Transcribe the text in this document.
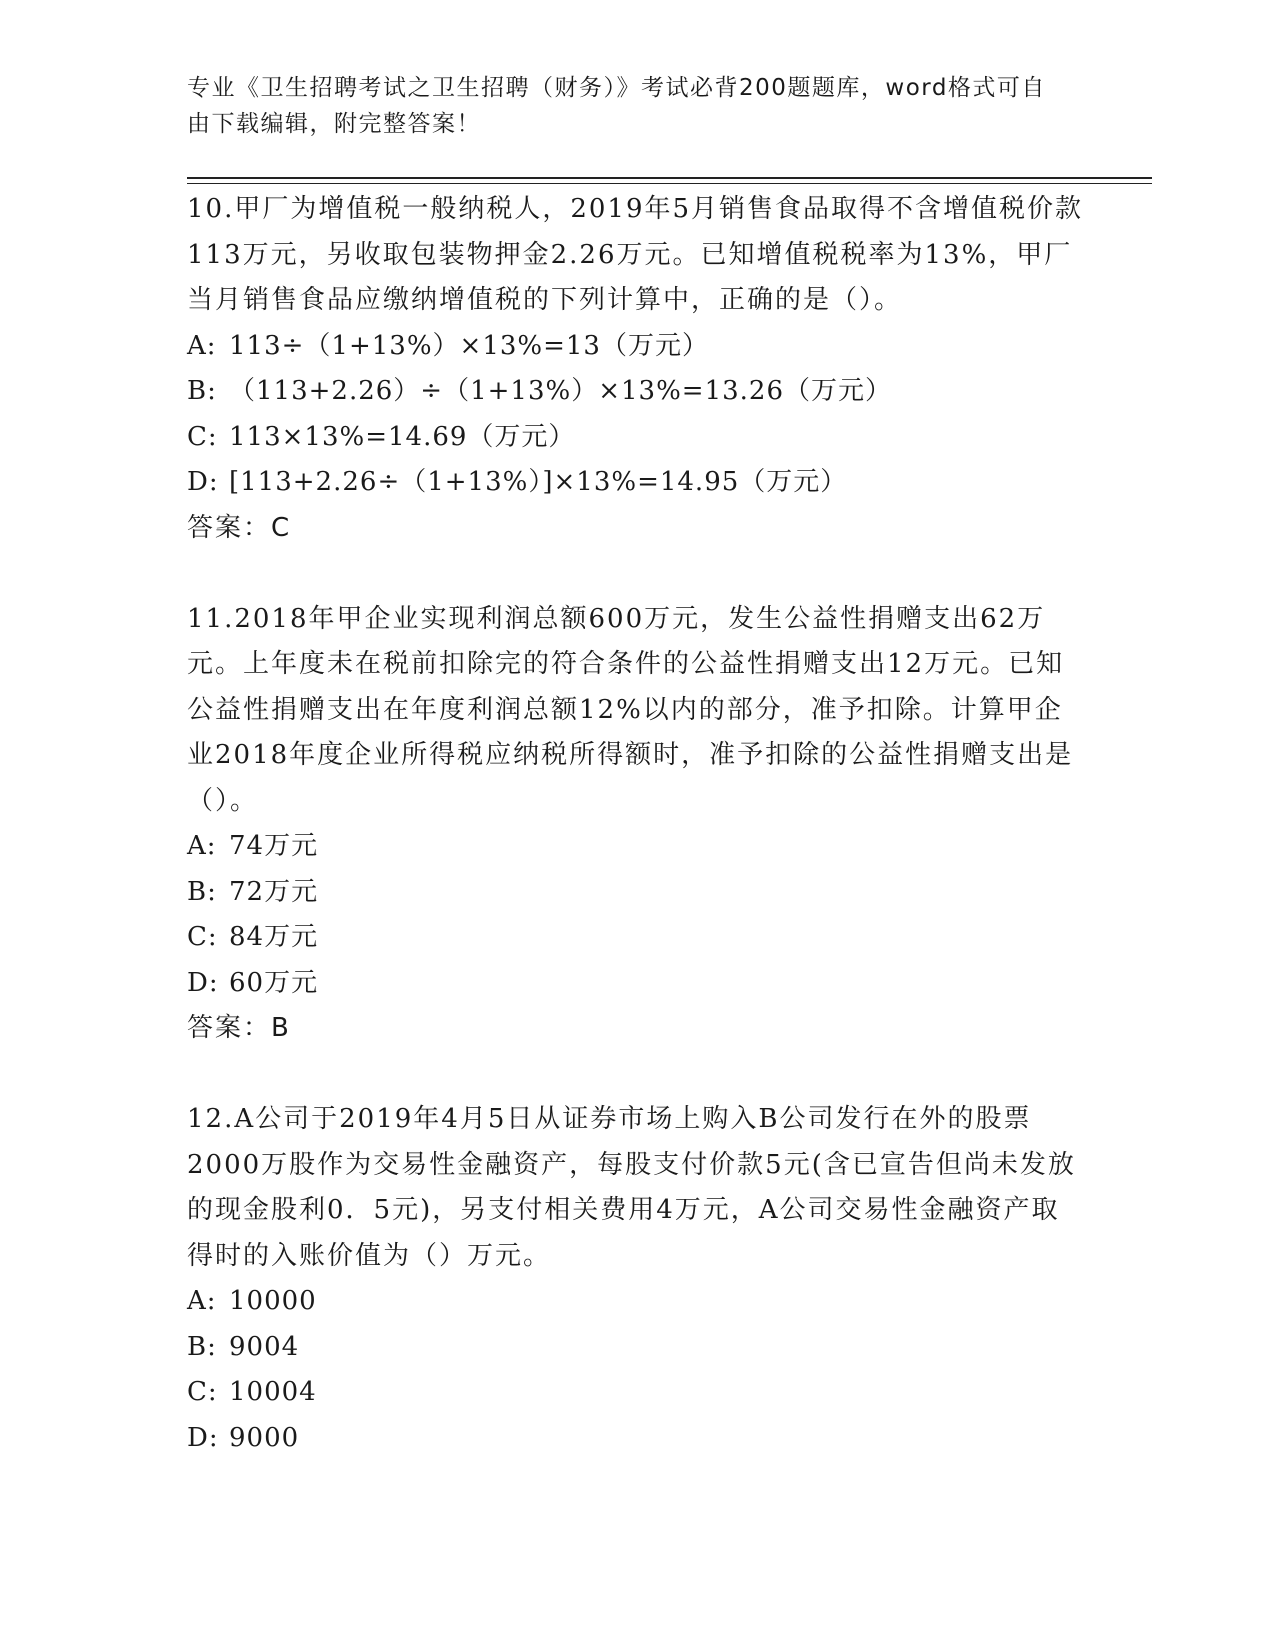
专业《卫生招聘考试之卫生招聘（财务）》考试必背200题题库，word格式可自
由下载编辑，附完整答案！
10.甲厂为增值税一般纳税人，2019年5月销售食品取得不含增值税价款113万元，另收取包装物押金2.26万元。已知增值税税率为13%，甲厂当月销售食品应缴纳增值税的下列计算中，正确的是（）。
A: 113÷（1+13%）×13%=13（万元）
B: （113+2.26）÷（1+13%）×13%=13.26（万元）
C: 113×13%=14.69（万元）
D: [113+2.26÷（1+13%）]×13%=14.95（万元）
答案：C
11.2018年甲企业实现利润总额600万元，发生公益性捐赠支出62万元。上年度未在税前扣除完的符合条件的公益性捐赠支出12万元。已知公益性捐赠支出在年度利润总额12%以内的部分，准予扣除。计算甲企业2018年度企业所得税应纳税所得额时，准予扣除的公益性捐赠支出是（）。
A: 74万元
B: 72万元
C: 84万元
D: 60万元
答案：B
12.A公司于2019年4月5日从证券市场上购入B公司发行在外的股票2000万股作为交易性金融资产，每股支付价款5元(含已宣告但尚未发放的现金股利0．5元)，另支付相关费用4万元，A公司交易性金融资产取得时的入账价值为（）万元。
A: 10000
B: 9004
C: 10004
D: 9000
